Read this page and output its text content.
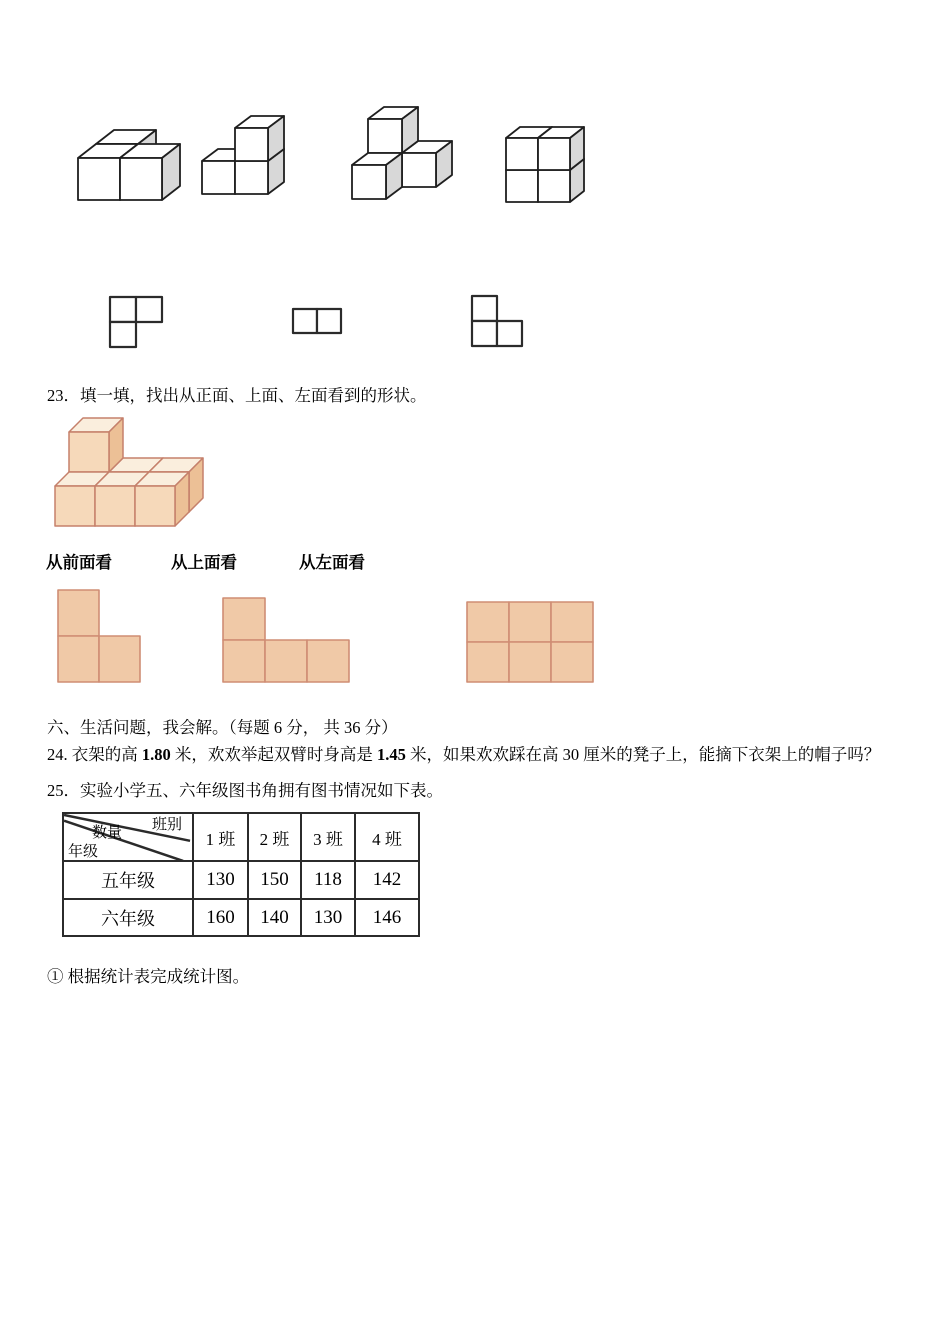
23．填一填，找出从正面、上面、左面看到的形状。
从前面看	从上面看	从左面看
六、生活问题，我会解。（每题 6 分， 共 36 分）
24. 衣架的高 1.80 米，欢欢举起双臂时身高是 1.45 米，如果欢欢踩在高 30 厘米的凳子上，能摘下衣架上的帽子吗？
25．实验小学五、六年级图书角拥有图书情况如下表。
班别
数量
年级	1 班	2 班	3 班	4 班
五年级	130	150	118	142
六年级	160	140	130	146
① 根据统计表完成统计图。
